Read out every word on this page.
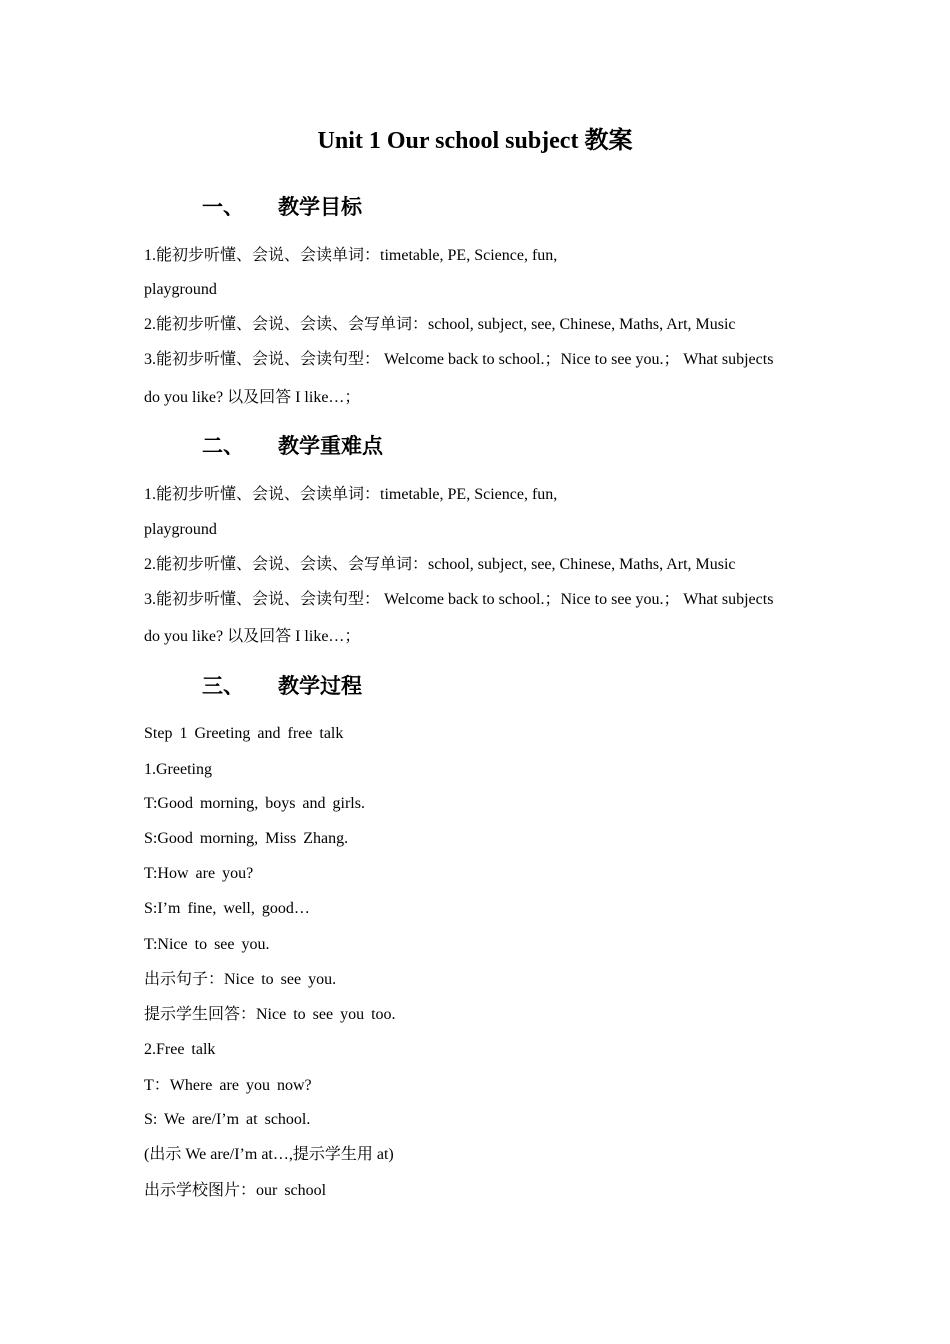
Unit 1 Our school subject 教案
一、 教学目标
1.能初步听懂、会说、会读单词：timetable, PE, Science, fun,
playground
2.能初步听懂、会说、会读、会写单词：school, subject, see, Chinese, Maths, Art, Music
3.能初步听懂、会说、会读句型： Welcome back to school.；Nice to see you.； What subjects
do you like? 以及回答 I like…；
二、 教学重难点
1.能初步听懂、会说、会读单词：timetable, PE, Science, fun,
playground
2.能初步听懂、会说、会读、会写单词：school, subject, see, Chinese, Maths, Art, Music
3.能初步听懂、会说、会读句型： Welcome back to school.；Nice to see you.； What subjects
do you like? 以及回答 I like…；
三、 教学过程
Step 1 Greeting and free talk
1.Greeting
T:Good morning, boys and girls.
S:Good morning, Miss Zhang.
T:How are you?
S:I’m fine, well, good…
T:Nice to see you.
出示句子：Nice to see you.
提示学生回答：Nice to see you too.
2.Free talk
T：Where are you now?
S: We are/I’m at school.
(出示 We are/I’m at…,提示学生用 at)
出示学校图片：our school
